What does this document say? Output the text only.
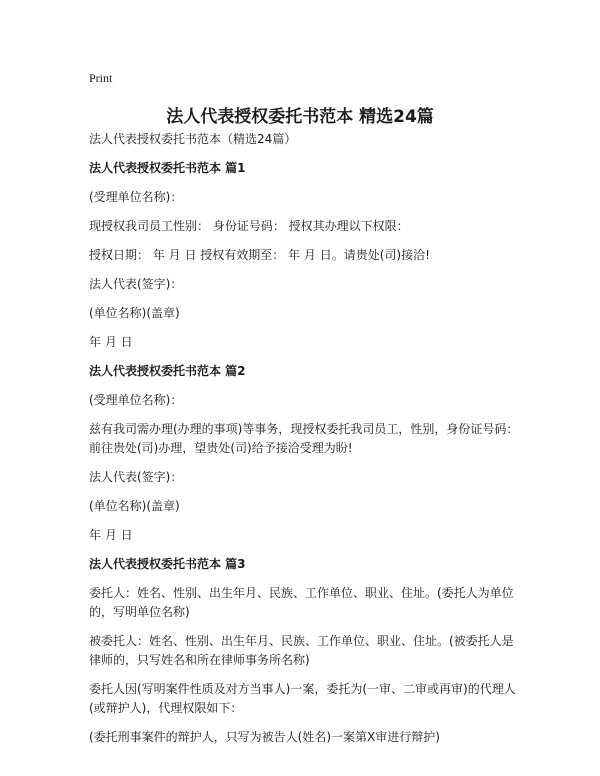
Print
法人代表授权委托书范本 精选24篇

法人代表授权委托书范本（精选24篇）

法人代表授权委托书范本 篇1

(受理单位名称)：

现授权我司员工性别： 身份证号码： 授权其办理以下权限：

授权日期： 年 月 日 授权有效期至： 年 月 日。请贵处(司)接洽!

法人代表(签字)：

(单位名称)(盖章)

年 月 日

法人代表授权委托书范本 篇2

(受理单位名称)：

兹有我司需办理(办理的事项)等事务，现授权委托我司员工，性别，身份证号码：前往贵处(司)办理，望贵处(司)给予接洽受理为盼!

法人代表(签字)：

(单位名称)(盖章)

年 月 日

法人代表授权委托书范本 篇3

委托人：姓名、性别、出生年月、民族、工作单位、职业、住址。(委托人为单位的，写明单位名称)

被委托人：姓名、性别、出生年月、民族、工作单位、职业、住址。(被委托人是律师的，只写姓名和所在律师事务所名称)

委托人因(写明案件性质及对方当事人)一案，委托为(一审、二审或再审)的代理人(或辩护人)，代理权限如下：

(委托刑事案件的辩护人，只写为被告人(姓名)一案第X审进行辩护)
